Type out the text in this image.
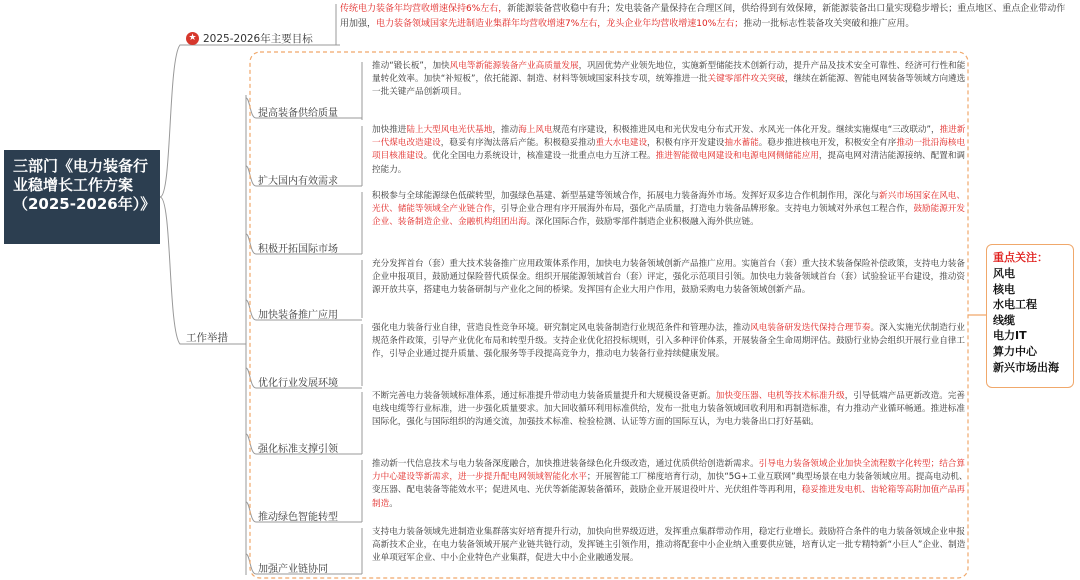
三部门《电力装备行业稳增长工作方案（2025-2026年）》
★ 2025-2026年主要目标
传统电力装备年均营收增速保持6%左右，新能源装备营收稳中有升；发电装备产量保持在合理区间，供给得到有效保障，新能源装备出口量实现稳步增长；重点地区、重点企业带动作用加强，电力装备领域国家先进制造业集群年均营收增速7%左右，龙头企业年均营收增速10%左右；推动一批标志性装备攻关突破和推广应用。
工作举措
提高装备供给质量
推动“锻长板”，加快风电等新能源装备产业高质量发展，巩固优势产业领先地位，实施新型储能技术创新行动，提升产品及技术安全可靠性、经济可行性和能量转化效率。加快“补短板”，依托能源、制造、材料等领域国家科技专项，统筹推进一批关键零部件攻关突破，继续在新能源、智能电网装备等领域方向遴选一批关键产品创新项目。
扩大国内有效需求
加快推进陆上大型风电光伏基地，推动海上风电规范有序建设，积极推进风电和光伏发电分布式开发、水风光一体化开发。继续实施煤电“三改联动”，推进新一代煤电改造建设，稳妥有序淘汰落后产能。积极稳妥推动重大水电建设，积极有序开发建设抽水蓄能。稳步推进核电开发，积极安全有序推动一批沿海核电项目核准建设。优化全国电力系统设计，核准建设一批重点电力互济工程。推进智能微电网建设和电源电网侧储能应用，提高电网对清洁能源接纳、配置和调控能力。
积极开拓国际市场
积极参与全球能源绿色低碳转型，加强绿色基建、新型基建等领域合作，拓展电力装备海外市场。发挥好双多边合作机制作用，深化与新兴市场国家在风电、光伏、储能等领域全产业链合作，引导企业合理有序开展海外布局，强化产品质量，打造电力装备品牌形象。支持电力领域对外承包工程合作，鼓励能源开发企业、装备制造企业、金融机构组团出海。深化国际合作，鼓励零部件制造企业积极融入海外供应链。
加快装备推广应用
充分发挥首台（套）重大技术装备推广应用政策体系作用，加快电力装备领域创新产品推广应用。实施首台（套）重大技术装备保险补偿政策，支持电力装备企业申报项目，鼓励通过保险替代质保金。组织开展能源领域首台（套）评定，强化示范项目引领。加快电力装备领域首台（套）试验验证平台建设，推动资源开放共享，搭建电力装备研制与产业化之间的桥梁。发挥国有企业大用户作用，鼓励采购电力装备领域创新产品。
优化行业发展环境
强化电力装备行业自律，营造良性竞争环境。研究制定风电装备制造行业规范条件和管理办法，推动风电装备研发迭代保持合理节奏。深入实施光伏制造行业规范条件政策，引导产业优化布局和转型升级。支持企业优化招投标规则，引入多种评价体系，开展装备全生命周期评估。鼓励行业协会组织开展行业自律工作，引导企业通过提升质量、强化服务等手段提高竞争力，推动电力装备行业持续健康发展。
强化标准支撑引领
不断完善电力装备领域标准体系，通过标准提升带动电力装备质量提升和大规模设备更新。加快变压器、电机等技术标准升级，引导低端产品更新改造。完善电线电缆等行业标准，进一步强化质量要求。加大回收循环利用标准供给，发布一批电力装备领域回收利用和再制造标准，有力推动产业循环畅通。推进标准国际化，强化与国际组织的沟通交流，加强技术标准、检验检测、认证等方面的国际互认，为电力装备出口打好基础。
推动绿色智能转型
推动新一代信息技术与电力装备深度融合，加快推进装备绿色化升级改造，通过优质供给创造新需求。引导电力装备领域企业加快全流程数字化转型；结合算力中心建设等新需求，进一步提升配电网领域智能化水平；开展智能工厂梯度培育行动，加快“5G+工业互联网”典型场景在电力装备领域应用。提高电动机、变压器、配电装备等能效水平；促进风电、光伏等新能源装备循环，鼓励企业开展退役叶片、光伏组件等再利用，稳妥推进发电机、齿轮箱等高附加值产品再制造。
加强产业链协同
支持电力装备领域先进制造业集群落实好培育提升行动，加快向世界级迈进，发挥重点集群带动作用，稳定行业增长。鼓励符合条件的电力装备领域企业申报高新技术企业，在电力装备领域开展产业链共链行动，发挥链主引领作用，推动将配套中小企业纳入重要供应链，培育认定一批专精特新“小巨人”企业、制造业单项冠军企业、中小企业特色产业集群，促进大中小企业融通发展。
重点关注：
风电
核电
水电工程
线缆
电力IT
算力中心
新兴市场出海
